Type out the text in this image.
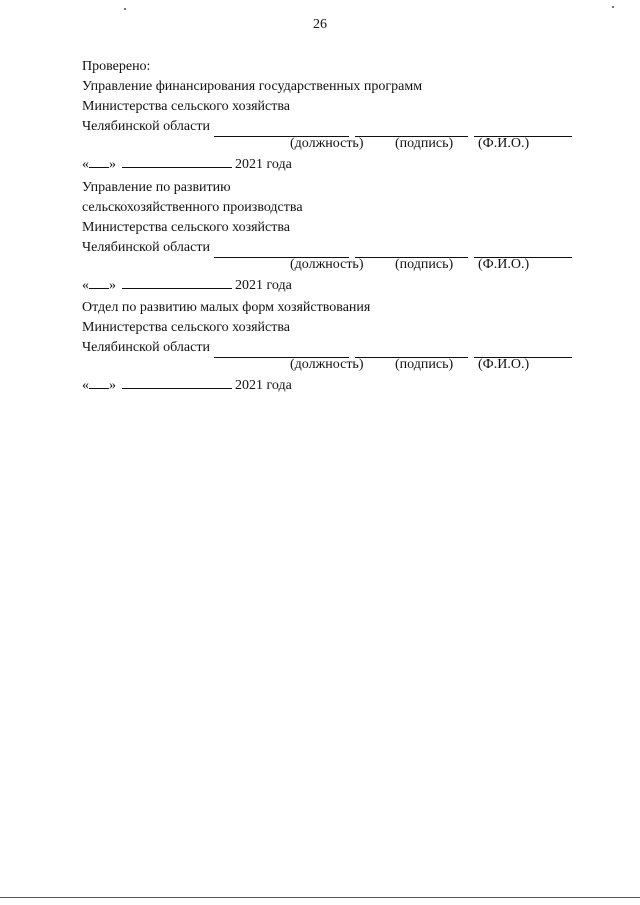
26
Проверено:
Управление финансирования государственных программ
Министерства сельского хозяйства
Челябинской области
(должность) (подпись) (Ф.И.О.)
« »	2021 года
Управление по развитию
сельскохозяйственного производства
Министерства сельского хозяйства
Челябинской области
(должность) (подпись) (Ф.И.О.)
« »	2021 года
Отдел по развитию малых форм хозяйствования
Министерства сельского хозяйства
Челябинской области
(должность) (подпись) (Ф.И.О.)
« »	2021 года
